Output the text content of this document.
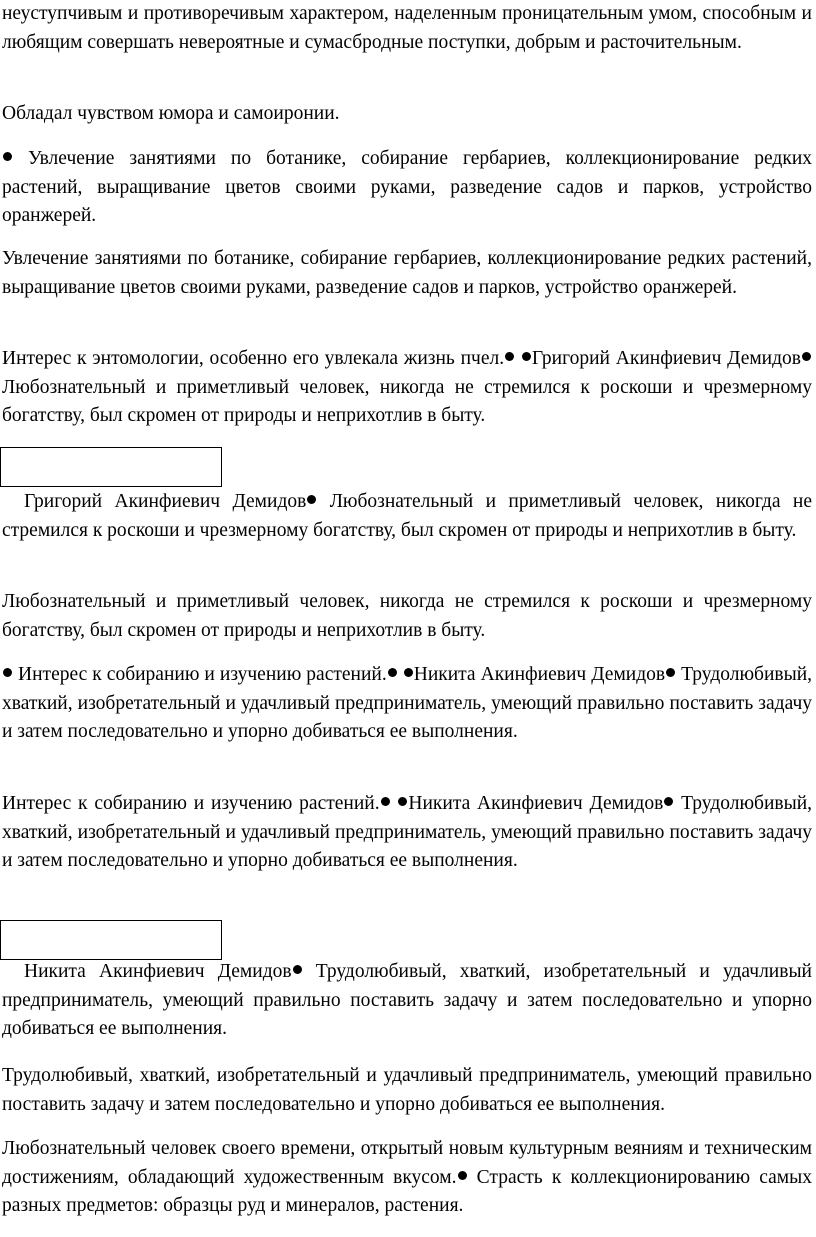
неуступчивым и противоречивым характером, наделенным проницательным умом, способным и любящим совершать невероятные и сумасбродные поступки, добрым и расточительным.

Обладал чувством юмора и самоиронии.

Увлечение занятиями по ботанике, собирание гербариев, коллекционирование редких растений, выращивание цветов своими руками, разведение садов и парков, устройство оранжерей.

Увлечение занятиями по ботанике, собирание гербариев, коллекционирование редких растений, выращивание цветов своими руками, разведение садов и парков, устройство оранжерей.

Интерес к энтомологии, особенно его увлекала жизнь пчел. Григорий Акинфиевич Демидов Любознательный и приметливый человек, никогда не стремился к роскоши и чрезмерному богатству, был скромен от природы и неприхотлив в быту.

Григорий Акинфиевич Демидов Любознательный и приметливый человек, никогда не стремился к роскоши и чрезмерному богатству, был скромен от природы и неприхотлив в быту.

Любознательный и приметливый человек, никогда не стремился к роскоши и чрезмерному богатству, был скромен от природы и неприхотлив в быту.

Интерес к собиранию и изучению растений. Никита Акинфиевич Демидов Трудолюбивый, хваткий, изобретательный и удачливый предприниматель, умеющий правильно поставить задачу и затем последовательно и упорно добиваться ее выполнения.

Интерес к собиранию и изучению растений. Никита Акинфиевич Демидов Трудолюбивый, хваткий, изобретательный и удачливый предприниматель, умеющий правильно поставить задачу и затем последовательно и упорно добиваться ее выполнения.

Никита Акинфиевич Демидов Трудолюбивый, хваткий, изобретательный и удачливый предприниматель, умеющий правильно поставить задачу и затем последовательно и упорно добиваться ее выполнения.

Трудолюбивый, хваткий, изобретательный и удачливый предприниматель, умеющий правильно поставить задачу и затем последовательно и упорно добиваться ее выполнения.

Любознательный человек своего времени, открытый новым культурным веяниям и техническим достижениям, обладающий художественным вкусом. Страсть к коллекционированию самых разных предметов: образцы руд и минералов, растения.
